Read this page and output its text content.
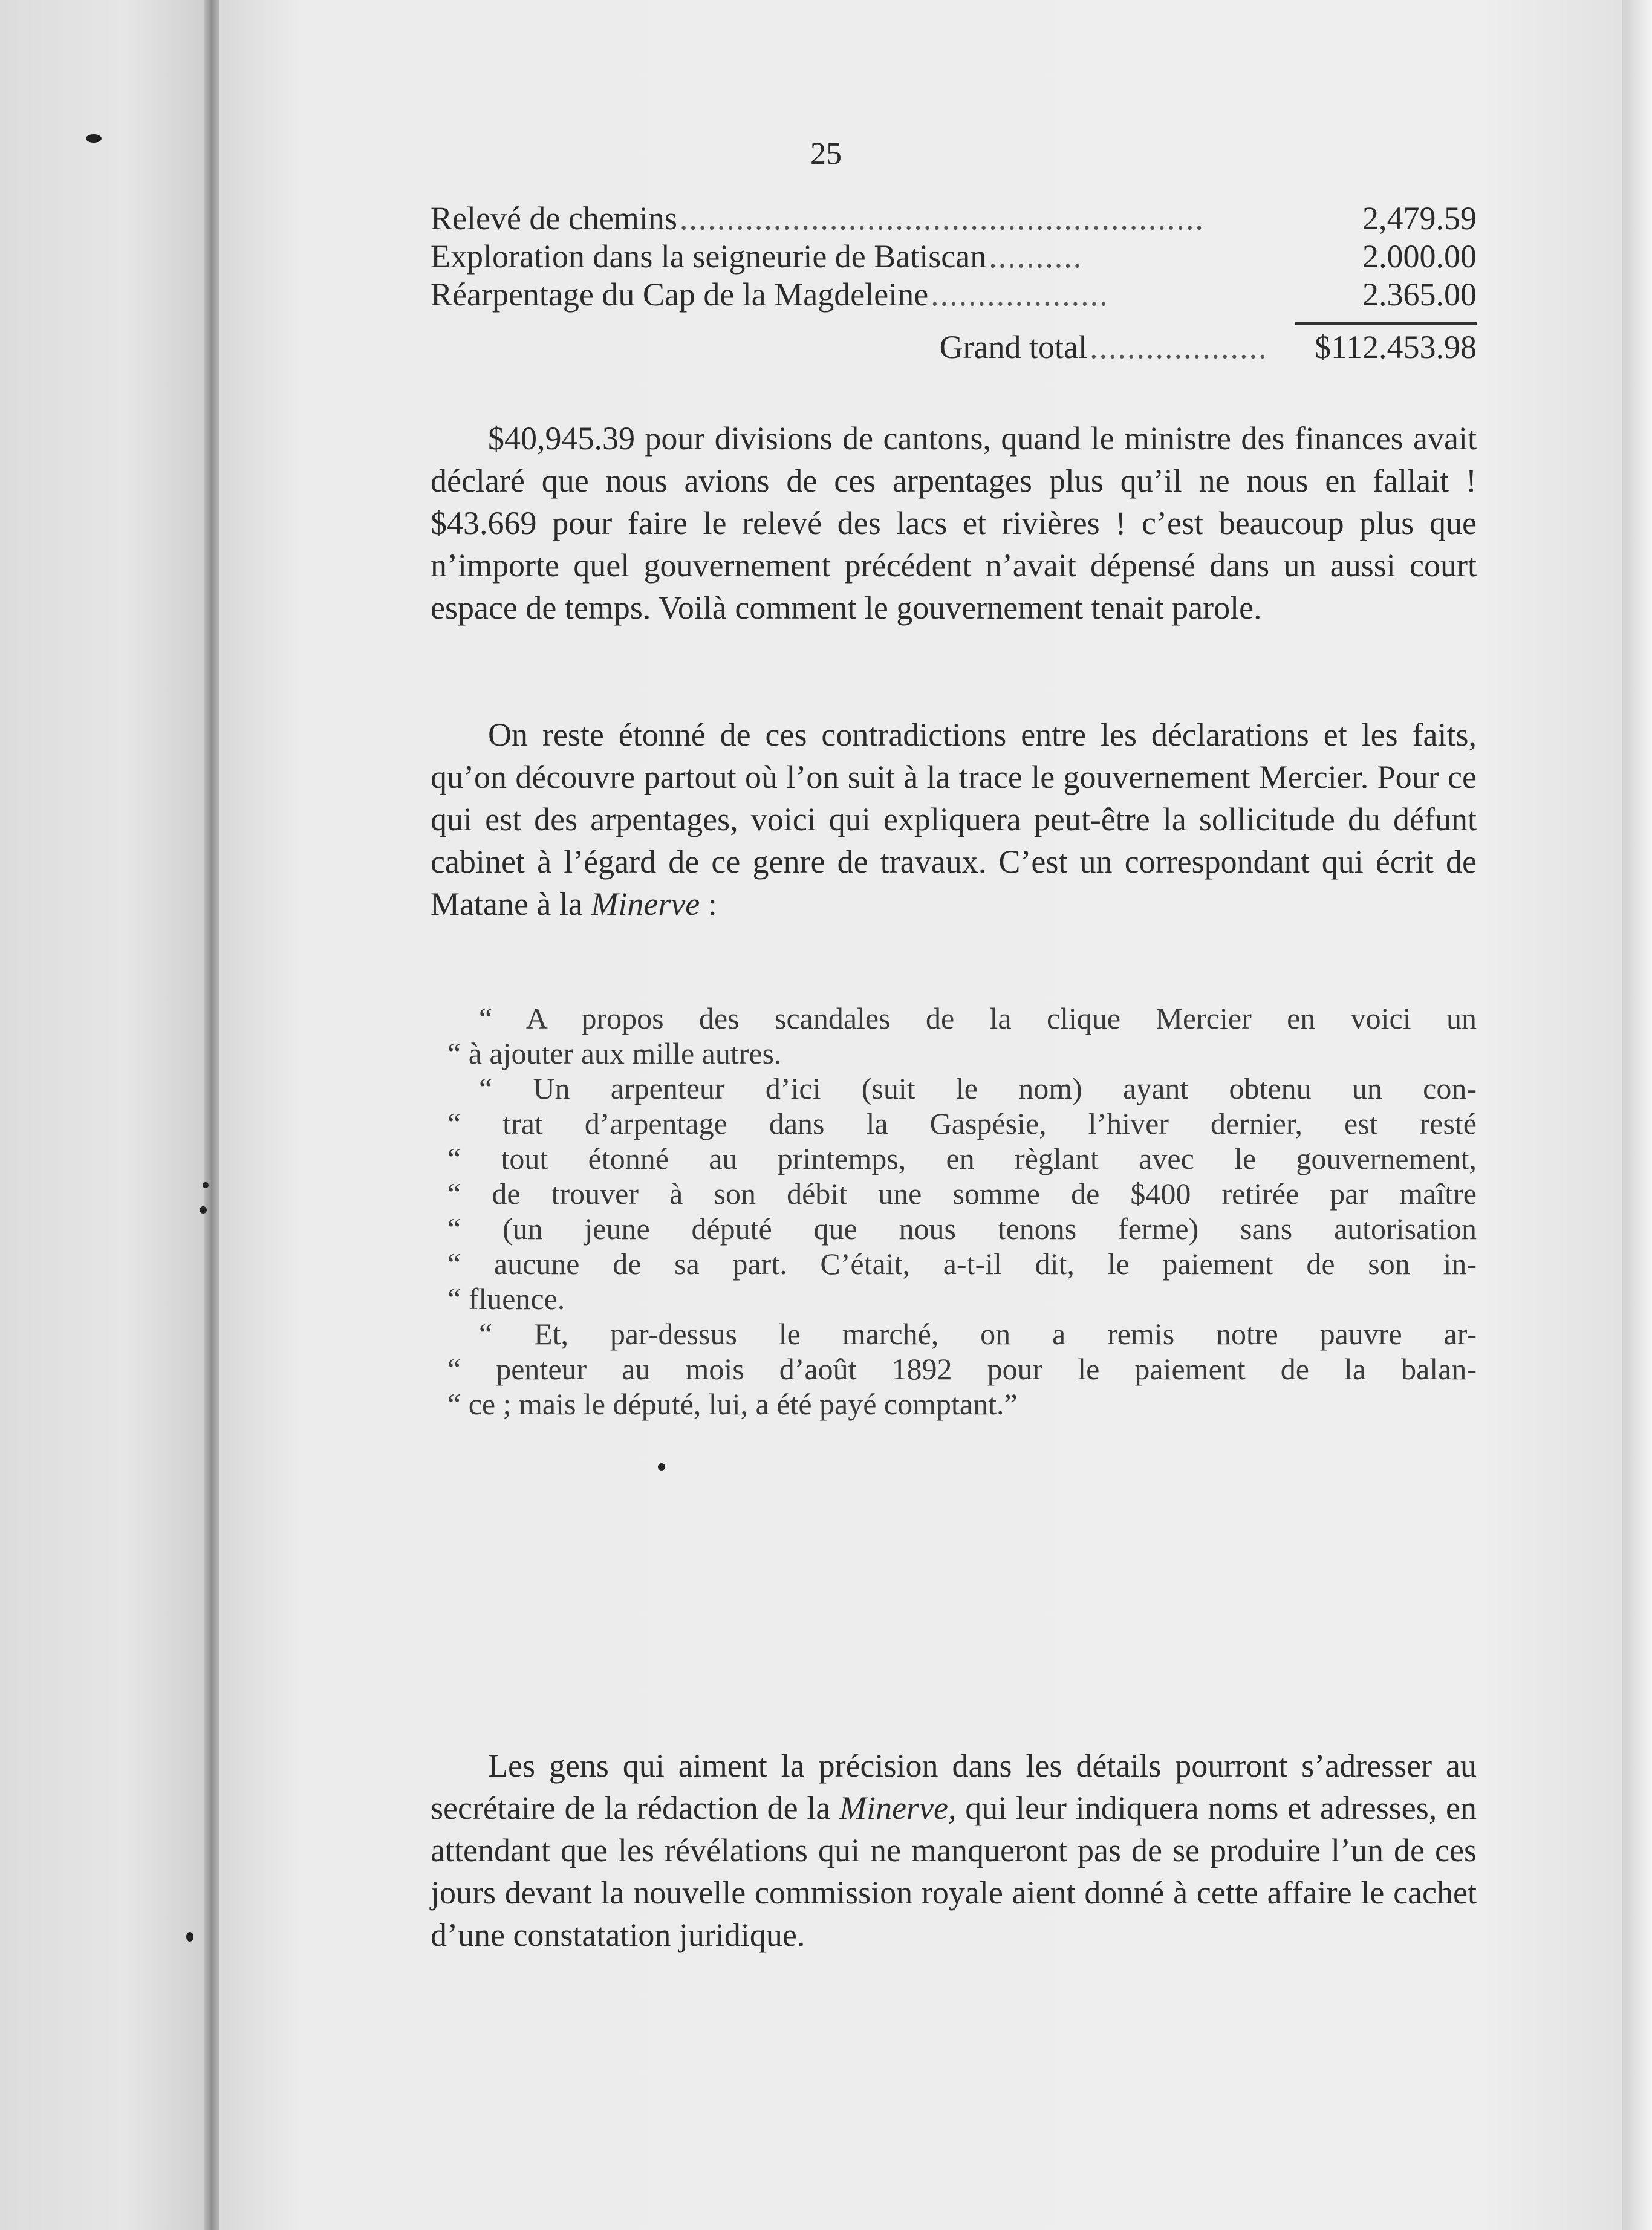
25
Relevé de chemins ........................................................	2,479.59
Exploration dans la seigneurie de Batiscan ..........	2.000.00
Réarpentage du Cap de la Magdeleine ...................	2.365.00
Grand total ...................	$112.453.98

$40,945.39 pour divisions de cantons, quand le ministre des finances avait déclaré que nous avions de ces arpentages plus qu’il ne nous en fallait ! $43.669 pour faire le relevé des lacs et rivières ! c’est beaucoup plus que n’importe quel gouvernement précédent n’avait dépensé dans un aussi court espace de temps. Voilà comment le gouvernement tenait parole.

On reste étonné de ces contradictions entre les déclarations et les faits, qu’on découvre partout où l’on suit à la trace le gouvernement Mercier. Pour ce qui est des arpentages, voici qui expliquera peut-être la sollicitude du défunt cabinet à l’égard de ce genre de travaux. C’est un correspondant qui écrit de Matane à la Minerve :

“ A propos des scandales de la clique Mercier en voici un
“ à ajouter aux mille autres.
“ Un arpenteur d’ici (suit le nom) ayant obtenu un con-
“ trat d’arpentage dans la Gaspésie, l’hiver dernier, est resté
“ tout étonné au printemps, en règlant avec le gouvernement,
“ de trouver à son débit une somme de $400 retirée par maître
“ (un jeune député que nous tenons ferme) sans autorisation
“ aucune de sa part. C’était, a-t-il dit, le paiement de son in-
“ fluence.
“ Et, par-dessus le marché, on a remis notre pauvre ar-
“ penteur au mois d’août 1892 pour le paiement de la balan-
“ ce ; mais le député, lui, a été payé comptant.”

Les gens qui aiment la précision dans les détails pourront s’adresser au secrétaire de la rédaction de la Minerve, qui leur indiquera noms et adresses, en attendant que les révélations qui ne manqueront pas de se produire l’un de ces jours devant la nouvelle commission royale aient donné à cette affaire le cachet d’une constatation juridique.
